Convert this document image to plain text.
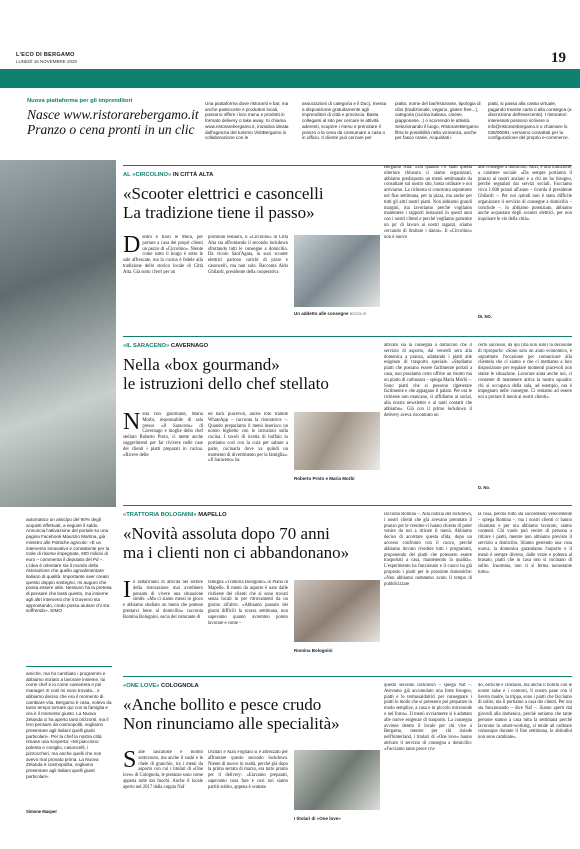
L'ECO DI BERGAMO
LUNEDÌ 16 NOVEMBRE 2020	19
Nuova piattaforma per gli imprenditori
Nasce www.ristorarebergamo.it
Pranzo o cena pronti in un clic
Una piattaforma dove ristoranti e bar, ma anche pasticcerie e produttori locali, possono offrire i loro menu e prodotti in formato delivery o take away. Si chiama www.ristorarebergamo.it, iniziativa ideata dall'agenzia del turismo VisitBergamo in collaborazione con le
associazioni di categoria e il Duc), messa a disposizione gratuitamente agli imprenditori di città e provincia. Basta collegarsi al sito per cercare le attività aderenti, scoprire i menu e prenotare il pranzo o la cena da consumare a casa o in ufficio. Il cliente può cercare per
piatto, nome del bar/ristorante, tipologia di cibo (tradizionale, vegano, gluten free...), categoria (cucina italiana, cinese, giapponese...) o scorrendo le attività. Selezionando il luogo, RistorareBergamo filtra le possibilità nella vicinanza, anche per fasce orarie. Acquistati i
piatti, si passa alla cassa virtuale, pagando tramite carta o alla consegna (a discrezione dell'esercente). I ristoratori interessati possono scrivere a info@ristorarebergamo.it o chiamare lo 035/00091: verranno contattati per la configurazione del proprio e-commerce.
automatico un anticipo del 90% degli acquisti effettuati, a seguire il saldo. Annuncia l'attivazione del portale su una pagina Facebook Maurizio Martina, già ministro alle Politiche agricole: «È un intervento innovativo e consistente per la mole di risorse impegnate, 600 milioni di euro – commenta il deputato del Pd –. L'idea è orientare sia il mondo della ristorazione che quello agroalimentare italiano di qualità. Importante aver creato questo doppio sostegno, mi auguro che possa essere utile. Nessuno ha la pretesa di pensare che basti questo, ma insieme agli altri interventi che il Governo sta approntando, credo possa aiutare chi sta soffrendo». SIMO
amiche, ma ho cambiato i programmi e abbiamo iniziato a lavorare insieme, lui come chef e io come cameriera e poi manager. E così mi sono trovata... e abbiamo deciso che era il momento di cambiare vita. Bergamo è casa, volevo da tanto tempo tornare qui con la famiglia e ora è il momento giusto. La Nuova Zelanda ci ha aperto tanti orizzonti, ma il loro pensare da cosmopoliti, vogliamo presentare agli italiani quelli giusti particolari». Per la chef la nostra città rimane una scoperta: «Mi piacciono polenta e coniglio, casoncelli, i pizzoccheri, ma anche quelli che non avevo mai provato prima. La Nuova Zelanda è cosmopolita, vogliamo presentare agli italiani quelli giusti particolari».
Simone Masper
AL «CIRCOLINO» IN CITTÀ ALTA
«Scooter elettrici e casoncelli
La tradizione tiene il passo»
Dentro e fuori le Mura, per portare a casa dei propri clienti un pezzo di «Circolino». Niente come sotto il borgo è sotto le sale affrescate, ma la cucina è fedele alla tradizione dello storico locale di Città Alta. Già sotto i ferri per un
profondo restauro, il «Circolino» di Città Alta sta affrontando il secondo lockdown sfruttando tutti le consegne a domicilio. Da vicolo Sant'Agata, in suoi scooter elettrici partono carichi di pizze e casoncelli, ma non solo. Racconta Aldo Ghilardi, presidente della cooperativa
Un addetto alle consegne BEDOLIS
Bergamo Alta: «Da quando c'è stato questa ulteriore chiusura ci siamo organizzati, abbiamo predisposto un menù settimanale da consultare sul nostro sito, basta ordinare e noi arriviamo. La richiesta si concentra soprattutto nel fine settimana, per la pizza, ma anche per tutti gli altri nostri piatti. Non abbiamo grandi margini, ma lavoriamo perché vogliamo mantenere i rapporti instaurati in questi anni con i nostri clienti e perché vogliamo garantire un po' di lavoro ai nostri ragazzi, stiamo cercando di limitare i danni». Il «Circolino» non è nuovo
alle consegne a domicilio. Anzi, è una tradizione, a carattere sociale: «Da sempre portiamo il pranzo ai nostri anziani e a chi ne ha bisogno, perché segnalati dai servizi sociali. Facciamo circa 1.000 pranzi all'anno – ricorda il presidente Ghilardi –. Per noi quindi non è stato difficile organizzare il servizio di consegne a domicilio – conclude –. Io abbiamo potenziato, abbiamo anche acquistato degli scooter elettrici, per non inquinare le vie della città».
DI. NO.
«IL SARACENO» CAVERNAGO
Nella «box gourmand»
le istruzioni dello chef stellato
Nella box gourmand, Maria Morbi, responsabile di sala presso «Il Saraceno» di Cavernago e moglie dello chef stellato Roberto Proto, ci mette anche suggerimenti per far rivivere nelle case dei clienti i piatti preparati in cucina. «Riceve delle
ed back piacevoli, anche foto tramite WhatsApp – racconta la ristoratrice –. Quando prepariamo il menù inserisco un nostro biglietto con le istruzioni sulla cucina. I tavoli di ricetta di buffalo lo portiamo così con la cura per saltare a parte, cucinarla dove va quindi un momento di divertimento per la famiglia». «Il Saraceno» ha
Roberto Proto e Maria Morbi
attivato sia la consegna a domicilio che il servizio di asporto, dal venerdì sera alla domenica a pranzo, adattando i piatti alle esigenze di trasporto speciale. «Studiamo piatti che possano essere facilmente portati a casa, non possiamo certo offrire un risotto ma un piatto di carbonara – spiega Maria Morbi –. Sono piatti che si possono rigenerare facilmente e che appagano il palato. Per ora le richieste non mancano, ci affidiamo ai social, alla nostra newsletter e ai tanti contatti che abbiamo». Già con il primo lockdown il delivery aveva riscontrato un
certo successo, da qui (ma non solo) la decisione di riproporlo: «Sono solo un aiuto economico, è soprattutto l'occasione per comunicare alla clientela che ci siamo e che ci mettiamo a loro disposizione per regalare momenti piacevoli non stante le situazione. Lavorare aiuta anche noi, ci consente di mantenere attiva la nostra squadra: chi si occupava della sala, ad esempio, ora è impegnato nelle consegne. Ci teniamo ad essere noi a portare il menù ai nostri clienti».
D. No.
«TRATTORIA BOLOGNINI» MAPELLO
«Novità assoluta dopo 70 anni
ma i clienti non ci abbandonano»
In settant'anni di attività nel settore della ristorazione mai avrebbero pensato di vivere una situazione simile. «Ma ci siamo messi in gioco e abbiamo studiato un menù che potesse prestarsi bene al domicilio» racconta Romina Bolognini, socia del ristorante di
famiglia «Trattoria Bolognini» di Piano di Mapello. Il menù da asporto è nato dalle richieste dei clienti che si sono trovati senza locali in per ritrovamenti da un giorno all'altro. «Abbiamo passato dei giorni difficili la scorsa settimana, non sapevamo quanto avremmo potuto lavorare e come –
Romina Bolognini
racconta Romina –. Alla notizia del lockdown, i nostri clienti che già avevano prenotato il pranzo per le cresime ci hanno chiesto di poter venire da noi a ritirare il menù. Abbiamo deciso di accettare questa sfida, dopo un accesso confronto con il cuoco, perché abbiamo dovuto rivedere tutti i programmi, proponendo dei piatti che potessero essere trasportati a casa, mantenendo la qualità». L'esperimento ha funzionato e il cuoco ha già proposto i piatti per le prossime domeniche: «Non abbiamo nemmeno avuto il tempo di pubblicizzare
la cosa, perché tutto sta succedendo velocemente – spiega Romina –, ma i nostri clienti ci hanno chiamato e per ora abbiamo lavorato, siamo contenti. Chi vuole può venire di persona a ritirare i piatti, mentre non abbiamo previsto il servizio a domicilio. Stiamo gestendo una cosa nuova, la domenica garantiamo l'asporto e il menù è sempre diverso, dalle verze e polenta al brasato, piatti che in casa non si cucinano di solito. Insomma, non ci si ferma nonostante tutto».
«ONE LOVE» COLOGNOLA
«Anche bollito e pesce crudo
Non rinunciamo alle specialità»
Sabe Iascaluste e bollito sottovuoto, ma anche il sushi e le chele di granchio, tra i menù da asporto con cui i titolari di «One love» di Colognola, le pietanze sono come appena tolte dai fuochi. Anche il locale aperto nel 2017 dalla coppia Naf
Dizdari e Alan Fogliani si è attrezzato per affrontare questo secondo lockdown. Niente di nuovo in realtà, perché già dopo la prima serrata di marzo, era tutto pronto per il delivery: «Eravamo preparati, sapevamo cosa fare e così noi siamo partiti subito, appena è scattato
I titolari di «One love»
questo secondo lockdown – spiega Naf –. Avevamo già accumulato una forte bisogno, piatti e le termosaldatrici per consegnare i piatti in modo che si potessero poi preparare in modo semplice, a casa e in piccolo microonde o nel forno». Il menù ovviamente si è adattato alle nuove esigenze di trasporto. La consegna avviene dentro il locale per chi vive a Bergamo, mentre per chi risiede nell'hinterland, i titolari di «One love» hanno attivato il servizio di consegna a domicilio: «Facciamo tanto pesce cru-
do, ostriche e crostacei, ma anche il bollito con le nostre salse e i contorni, il nostro pane con il lievito madre, la trippa, sono i piatti che facciamo di solito, ma li portiamo a casa dei clienti. Per ora sta funzionando – dice Naf –. Siamo aperti dal giovedì alla domenica, perché notiamo che tante persone stanno a casa tutta la settimana perché lavorano in smart-working, si tende ad ordinare comunque durante il fine settimana, le abitudini non sono cambiate».
